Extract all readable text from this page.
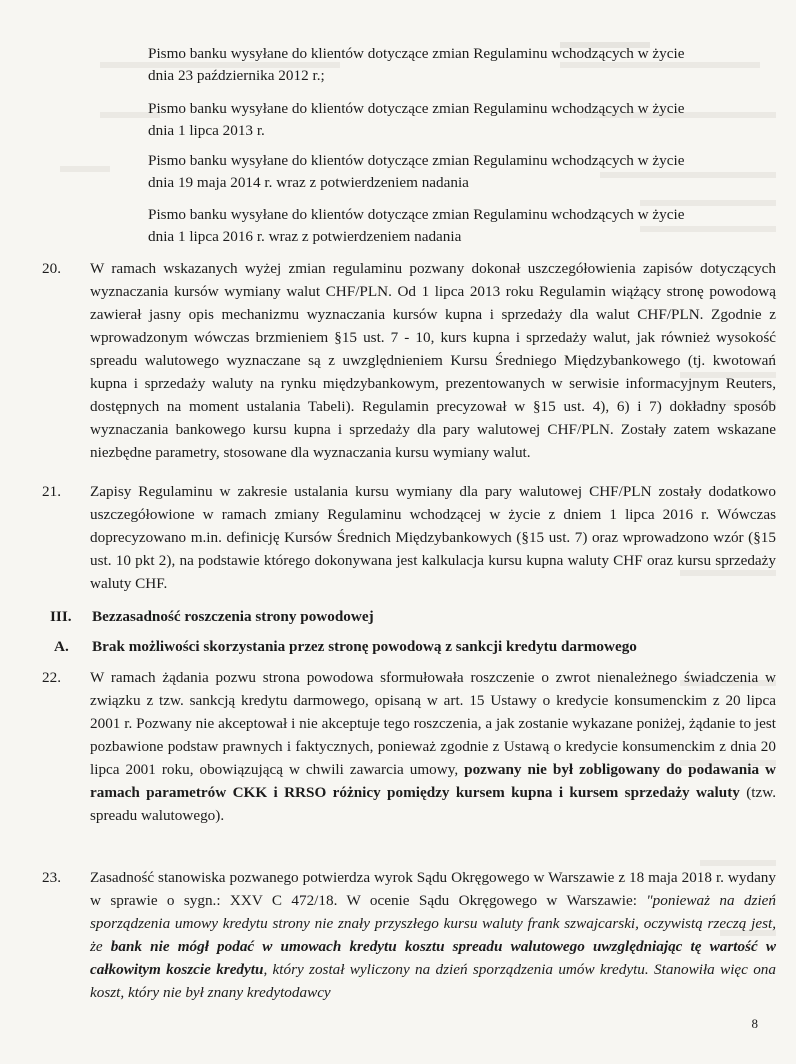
Pismo banku wysyłane do klientów dotyczące zmian Regulaminu wchodzących w życie
dnia 23 października 2012 r.;
Pismo banku wysyłane do klientów dotyczące zmian Regulaminu wchodzących w życie
dnia 1 lipca 2013 r.
Pismo banku wysyłane do klientów dotyczące zmian Regulaminu wchodzących w życie
dnia 19 maja 2014 r. wraz z potwierdzeniem nadania
Pismo banku wysyłane do klientów dotyczące zmian Regulaminu wchodzących w życie
dnia 1 lipca 2016 r. wraz z potwierdzeniem nadania
20. W ramach wskazanych wyżej zmian regulaminu pozwany dokonał uszczegółowienia zapisów dotyczących wyznaczania kursów wymiany walut CHF/PLN. Od 1 lipca 2013 roku Regulamin wiążący stronę powodową zawierał jasny opis mechanizmu wyznaczania kursów kupna i sprzedaży dla walut CHF/PLN. Zgodnie z wprowadzonym wówczas brzmieniem §15 ust. 7 - 10, kurs kupna i sprzedaży walut, jak również wysokość spreadu walutowego wyznaczane są z uwzględnieniem Kursu Średniego Międzybankowego (tj. kwotowań kupna i sprzedaży waluty na rynku międzybankowym, prezentowanych w serwisie informacyjnym Reuters, dostępnych na moment ustalania Tabeli). Regulamin precyzował w §15 ust. 4), 6) i 7) dokładny sposób wyznaczania bankowego kursu kupna i sprzedaży dla pary walutowej CHF/PLN. Zostały zatem wskazane niezbędne parametry, stosowane dla wyznaczania kursu wymiany walut.
21. Zapisy Regulaminu w zakresie ustalania kursu wymiany dla pary walutowej CHF/PLN zostały dodatkowo uszczegółowione w ramach zmiany Regulaminu wchodzącej w życie z dniem 1 lipca 2016 r. Wówczas doprecyzowano m.in. definicję Kursów Średnich Międzybankowych (§15 ust. 7) oraz wprowadzono wzór (§15 ust. 10 pkt 2), na podstawie którego dokonywana jest kalkulacja kursu kupna waluty CHF oraz kursu sprzedaży waluty CHF.
III. Bezzasadność roszczenia strony powodowej
A. Brak możliwości skorzystania przez stronę powodową z sankcji kredytu darmowego
22. W ramach żądania pozwu strona powodowa sformułowała roszczenie o zwrot nienależnego świadczenia w związku z tzw. sankcją kredytu darmowego, opisaną w art. 15 Ustawy o kredycie konsumenckim z 20 lipca 2001 r. Pozwany nie akceptował i nie akceptuje tego roszczenia, a jak zostanie wykazane poniżej, żądanie to jest pozbawione podstaw prawnych i faktycznych, ponieważ zgodnie z Ustawą o kredycie konsumenckim z dnia 20 lipca 2001 roku, obowiązującą w chwili zawarcia umowy, pozwany nie był zobligowany do podawania w ramach parametrów CKK i RRSO różnicy pomiędzy kursem kupna i kursem sprzedaży waluty (tzw. spreadu walutowego).
23. Zasadność stanowiska pozwanego potwierdza wyrok Sądu Okręgowego w Warszawie z 18 maja 2018 r. wydany w sprawie o sygn.: XXV C 472/18. W ocenie Sądu Okręgowego w Warszawie: "ponieważ na dzień sporządzenia umowy kredytu strony nie znały przyszłego kursu waluty frank szwajcarski, oczywistą rzeczą jest, że bank nie mógł podać w umowach kredytu kosztu spreadu walutowego uwzględniając tę wartość w całkowitym koszcie kredytu, który został wyliczony na dzień sporządzenia umów kredytu. Stanowiła więc ona koszt, który nie był znany kredytodawcy
8
